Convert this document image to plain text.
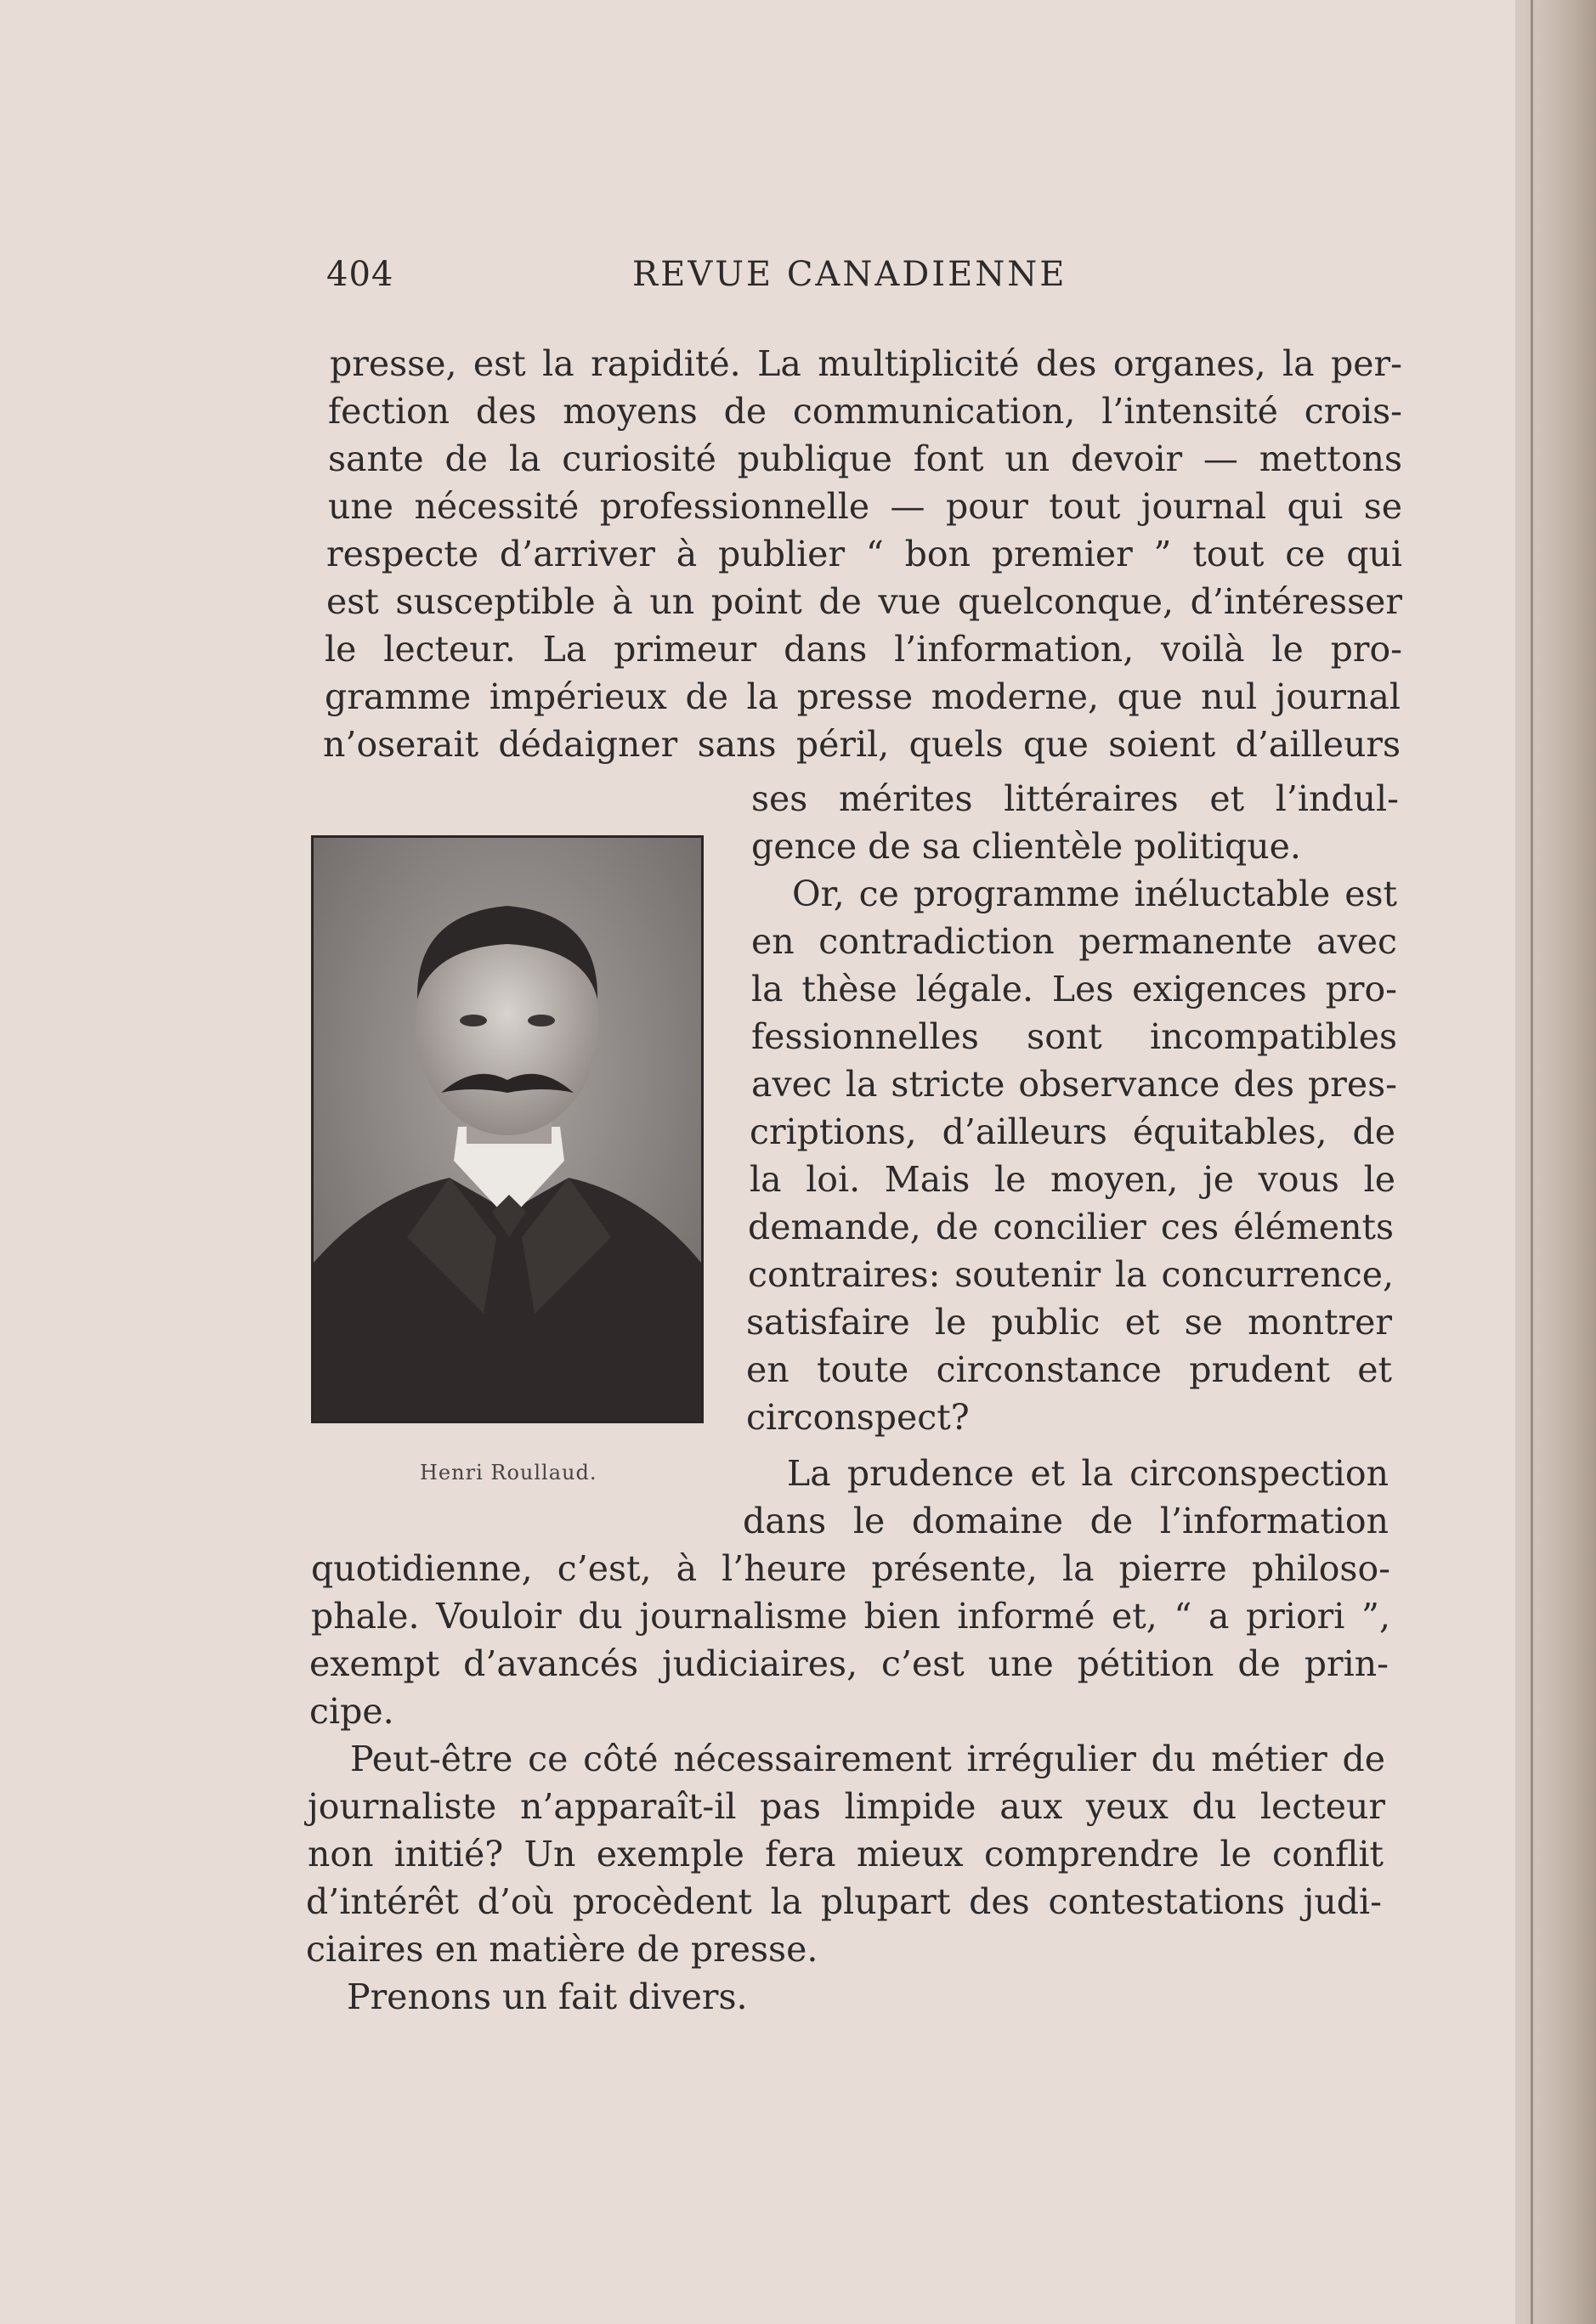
404	REVUE CANADIENNE
presse, est la rapidité. La multiplicité des organes, la per-
fection des moyens de communication, l’intensité crois-
sante de la curiosité publique font un devoir — mettons
une nécessité professionnelle — pour tout journal qui se
respecte d’arriver à publier “ bon premier ” tout ce qui
est susceptible à un point de vue quelconque, d’intéresser
le lecteur. La primeur dans l’information, voilà le pro-
gramme impérieux de la presse moderne, que nul journal
n’oserait dédaigner sans péril, quels que soient d’ailleurs
ses mérites littéraires et l’indul-
gence de sa clientèle politique.
Or, ce programme inéluctable est
en contradiction permanente avec
la thèse légale. Les exigences pro-
fessionnelles sont incompatibles
avec la stricte observance des pres-
criptions, d’ailleurs équitables, de
la loi. Mais le moyen, je vous le
demande, de concilier ces éléments
contraires: soutenir la concurrence,
satisfaire le public et se montrer
en toute circonstance prudent et
circonspect?
La prudence et la circonspection
dans le domaine de l’information
quotidienne, c’est, à l’heure présente, la pierre philoso-
phale. Vouloir du journalisme bien informé et, “ a priori ”,
exempt d’avancés judiciaires, c’est une pétition de prin-
cipe.
Peut-être ce côté nécessairement irrégulier du métier de
journaliste n’apparaît-il pas limpide aux yeux du lecteur
non initié? Un exemple fera mieux comprendre le conflit
d’intérêt d’où procèdent la plupart des contestations judi-
ciaires en matière de presse.
Prenons un fait divers.
Henri Roullaud.
